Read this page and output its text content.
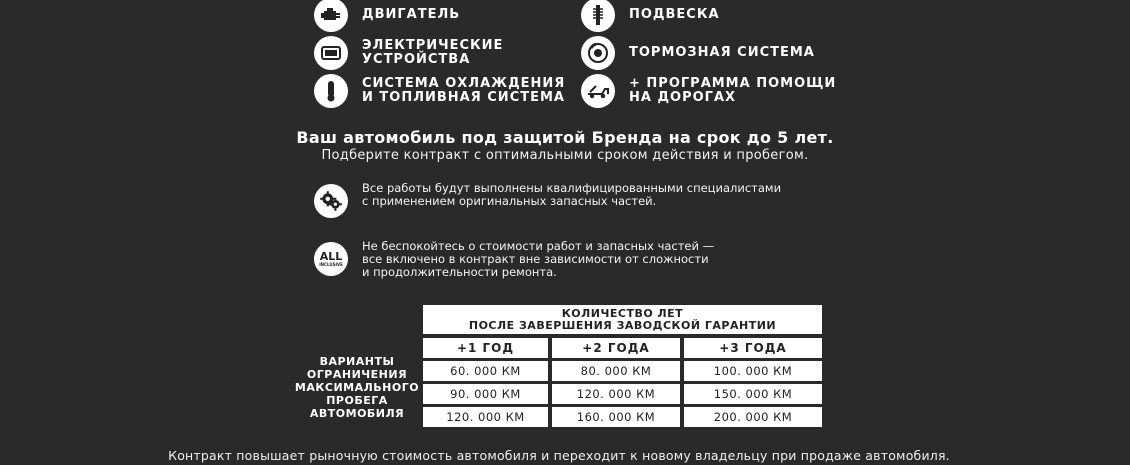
ДВИГАТЕЛЬ	ПОДВЕСКА
ЭЛЕКТРИЧЕСКИЕ
УСТРОЙСТВА	ТОРМОЗНАЯ СИСТЕМА
СИСТЕМА ОХЛАЖДЕНИЯ
И ТОПЛИВНАЯ СИСТЕМА
+ ПРОГРАММА ПОМОЩИ
НА ДОРОГАХ
Ваш автомобиль под защитой Бренда на срок до 5 лет.
Подберите контракт с оптимальными сроком действия и пробегом.
Все работы будут выполнены квалифицированными специалистами
с применением оригинальных запасных частей.
ALL
INCLUSIVE
Не беспокойтесь о стоимости работ и запасных частей —
все включено в контракт вне зависимости от сложности
и продолжительности ремонта.
КОЛИЧЕСТВО ЛЕТ
ПОСЛЕ ЗАВЕРШЕНИЯ ЗАВОДСКОЙ ГАРАНТИИ
+1 ГОД	+2 ГОДА	+3 ГОДА
ВАРИАНТЫ
ОГРАНИЧЕНИЯ
МАКСИМАЛЬНОГО
ПРОБЕГА
АВТОМОБИЛЯ
60. 000 КМ	80. 000 КМ	100. 000 КМ
90. 000 КМ	120. 000 КМ	150. 000 КМ
120. 000 КМ	160. 000 КМ	200. 000 КМ
Контракт повышает рыночную стоимость автомобиля и переходит к новому владельцу при продаже автомобиля.
